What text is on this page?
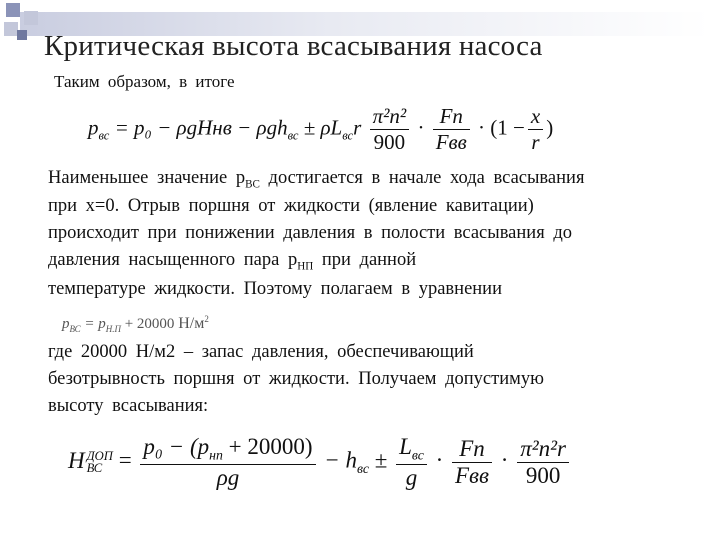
Критическая высота всасывания насоса
Таким образом, в итоге
$p_{вс} = p_0$ − ρgHнв − $\rho gh_{вс} \pm \rho L_{вс}r \frac{\text{π²n²}}{900} \cdot \frac{Fn}{\text{Fвв}} \cdot (1 - \frac{x}{r}$ )
Наименьшее значение $p_{ВС}$ достигается в начале хода всасывания
при x=0. Отрыв поршня от жидкости (явление кавитации)
происходит при понижении давления в полости всасывания до
давления насыщенного пара $p_{НП}$ при данной
температуре жидкости. Поэтому полагаем в уравнении
$p_{ВС} = p_{Н.П} + 20000$ $Н/м^2$
где 20000 Н/м2 – запас давления, обеспечивающий
безотрывность поршня от жидкости. Получаем допустимую
высоту всасывания:
H ДОП
ВС = $\frac{p_0 - (p_{нп} + 20000)}{\rho g} - h_{вс} \pm \frac{L_{вс}}{g} \cdot \frac{Fn}{\text{Fвв}} \cdot \frac{\text{π²n²r}}{900}$
